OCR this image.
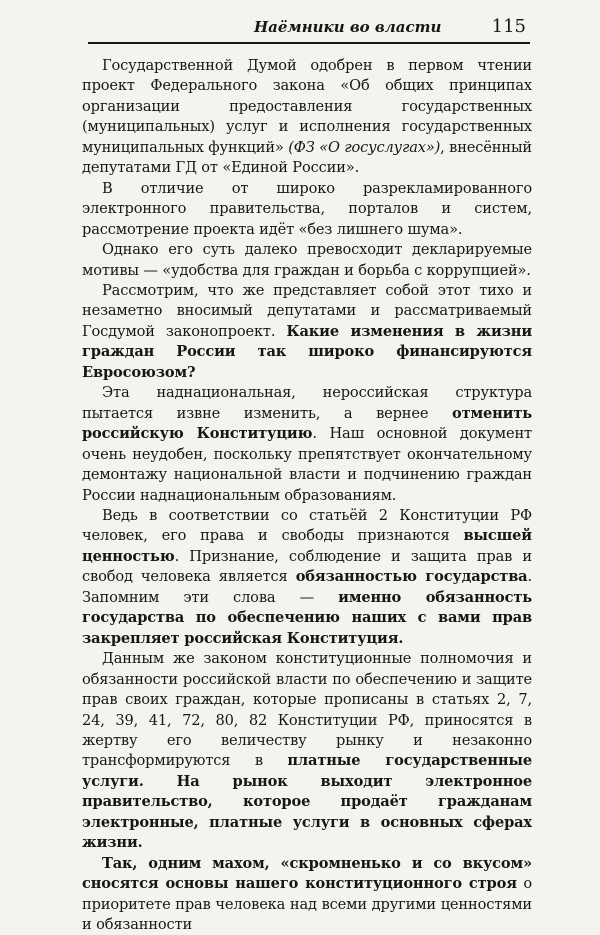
Наёмники во власти	115

Государственной Думой одобрен в первом чтении проект Федерального закона «Об общих принципах организации предоставления государственных (муниципальных) услуг и исполнения государственных муниципальных функций» (ФЗ «О госуслугах»), внесённый депутатами ГД от «Единой России».

В отличие от широко разрекламированного электронного правительства, порталов и систем, рассмотрение проекта идёт «без лишнего шума».

Однако его суть далеко превосходит декларируемые мотивы — «удобства для граждан и борьба с коррупцией».

Рассмотрим, что же представляет собой этот тихо и незаметно вносимый депутатами и рассматриваемый Госдумой законопроект. Какие изменения в жизни граждан России так широко финансируются Евросоюзом?

Эта наднациональная, нероссийская структура пытается извне изменить, а вернее отменить российскую Конституцию. Наш основной документ очень неудобен, поскольку препятствует окончательному демонтажу национальной власти и подчинению граждан России наднациональным образованиям.

Ведь в соответствии со статьёй 2 Конституции РФ человек, его права и свободы признаются высшей ценностью. Признание, соблюдение и защита прав и свобод человека является обязанностью государства. Запомним эти слова — именно обязанность государства по обеспечению наших с вами прав закрепляет российская Конституция.

Данным же законом конституционные полномочия и обязанности российской власти по обеспечению и защите прав своих граждан, которые прописаны в статьях 2, 7, 24, 39, 41, 72, 80, 82 Конституции РФ, приносятся в жертву его величеству рынку и незаконно трансформируются в платные государственные услуги. На рынок выходит электронное правительство, которое продаёт гражданам электронные, платные услуги в основных сферах жизни.

Так, одним махом, «скромненько и со вкусом» сносятся основы нашего конституционного строя о приоритете прав человека над всеми другими ценностями и обязанности
